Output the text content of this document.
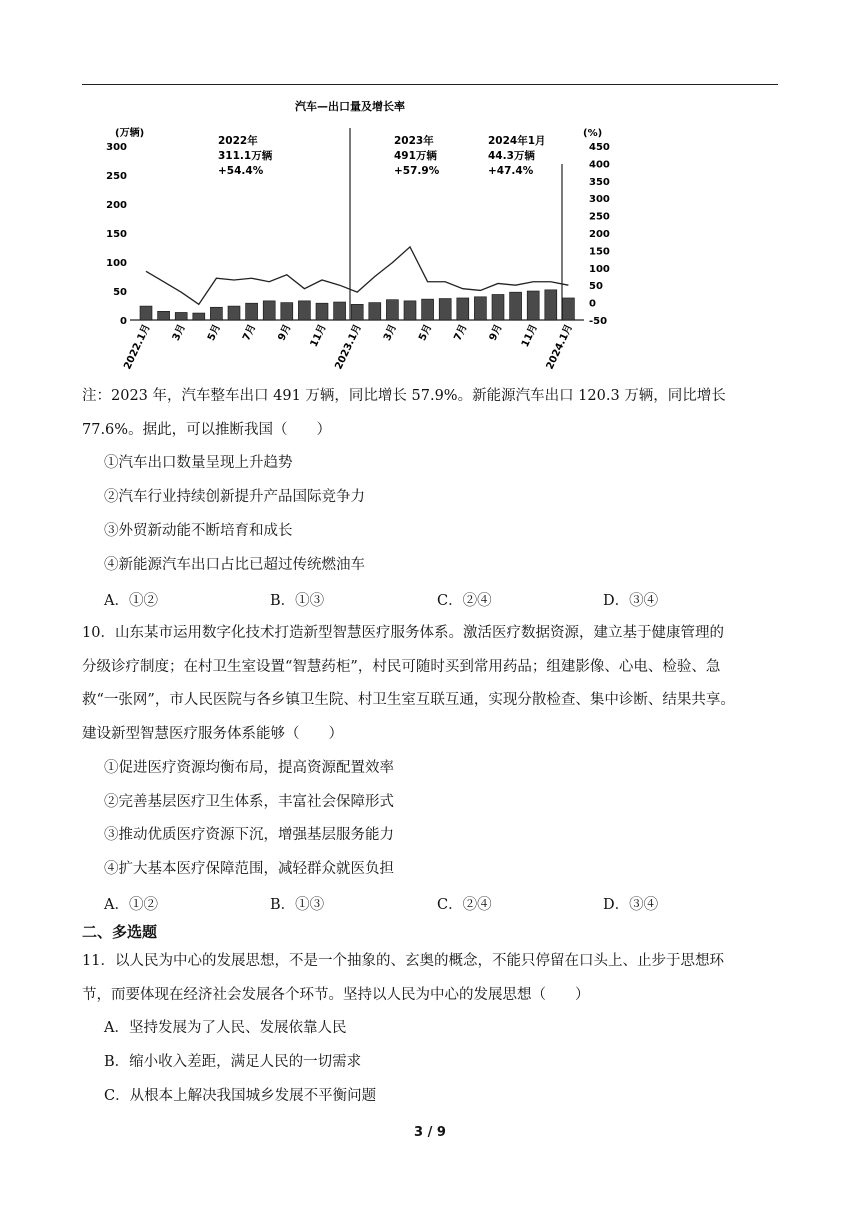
汽车—出口量及增长率
(万辆)	(%)
300
250
200
150
100
50
0
450
400
350
300
250
200
150
100
50
0
-50
2022.1月 3月 5月 7月 9月 11月 2023.1月 3月 5月 7月 9月 11月 2024.1月
2022年
311.1万辆
+54.4%
2023年
491万辆
+57.9%
2024年1月
44.3万辆
+47.4%
注：2023 年，汽车整车出口 491 万辆，同比增长 57.9%。新能源汽车出口 120.3 万辆，同比增长
77.6%。据此，可以推断我国（　　）
①汽车出口数量呈现上升趋势
②汽车行业持续创新提升产品国际竞争力
③外贸新动能不断培育和成长
④新能源汽车出口占比已超过传统燃油车
A．①②	B．①③	C．②④	D．③④
10．山东某市运用数字化技术打造新型智慧医疗服务体系。激活医疗数据资源，建立基于健康管理的
分级诊疗制度；在村卫生室设置“智慧药柜”，村民可随时买到常用药品；组建影像、心电、检验、急
救“一张网”，市人民医院与各乡镇卫生院、村卫生室互联互通，实现分散检查、集中诊断、结果共享。
建设新型智慧医疗服务体系能够（　　）
①促进医疗资源均衡布局，提高资源配置效率
②完善基层医疗卫生体系，丰富社会保障形式
③推动优质医疗资源下沉，增强基层服务能力
④扩大基本医疗保障范围，减轻群众就医负担
A．①②	B．①③	C．②④	D．③④
二、多选题
11．以人民为中心的发展思想，不是一个抽象的、玄奥的概念，不能只停留在口头上、止步于思想环
节，而要体现在经济社会发展各个环节。坚持以人民为中心的发展思想（　　）
A．坚持发展为了人民、发展依靠人民
B．缩小收入差距，满足人民的一切需求
C．从根本上解决我国城乡发展不平衡问题
3 / 9
